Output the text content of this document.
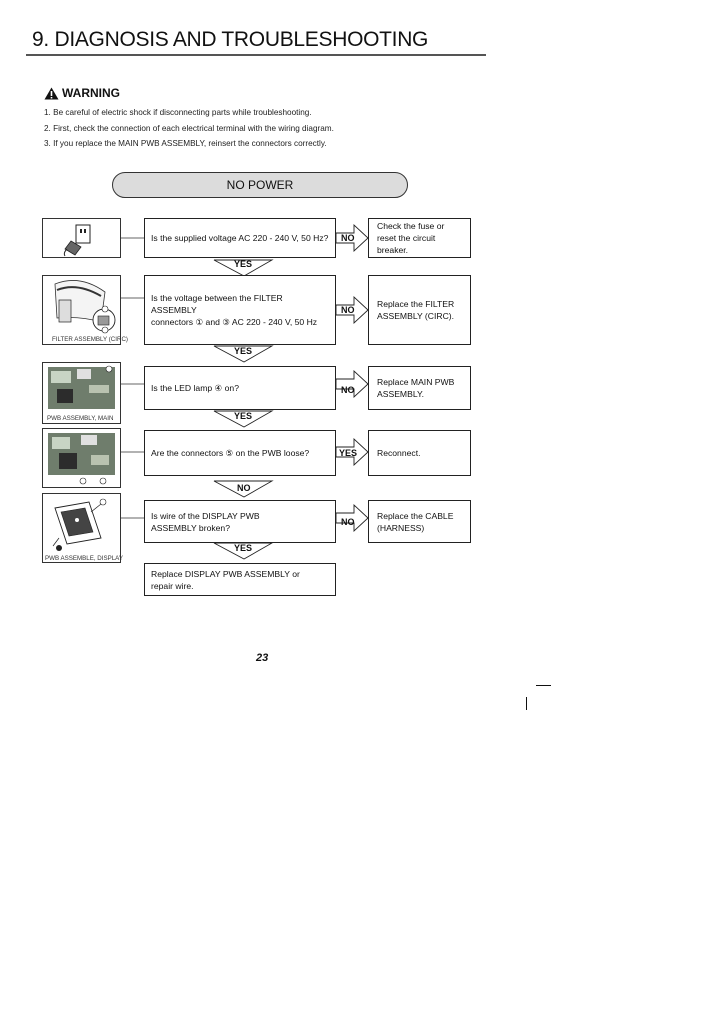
9. DIAGNOSIS AND TROUBLESHOOTING
WARNING
1. Be careful of electric shock if disconnecting parts while troubleshooting.
2. First, check the connection of each electrical terminal with the wiring diagram.
3. If you replace the MAIN PWB ASSEMBLY, reinsert the connectors correctly.
NO POWER
NO
NO
NO
YES
NO
YES
YES
YES
NO
YES
Is the supplied voltage AC 220 - 240 V, 50 Hz?
Is the voltage between the FILTER ASSEMBLY
connectors ① and ③ AC 220 - 240 V, 50 Hz
Is the LED lamp ④ on?
Are the connectors ⑤ on the PWB loose?
Is wire of the DISPLAY PWB ASSEMBLY broken?
Replace DISPLAY PWB ASSEMBLY or repair wire.
Check the fuse or reset the circuit breaker.
Replace the FILTER ASSEMBLY (CIRC).
Replace MAIN PWB ASSEMBLY.
Reconnect.
Replace the CABLE (HARNESS)
FILTER ASSEMBLY (CIRC)
PWB ASSEMBLY, MAIN
PWB ASSEMBLE, DISPLAY
23
